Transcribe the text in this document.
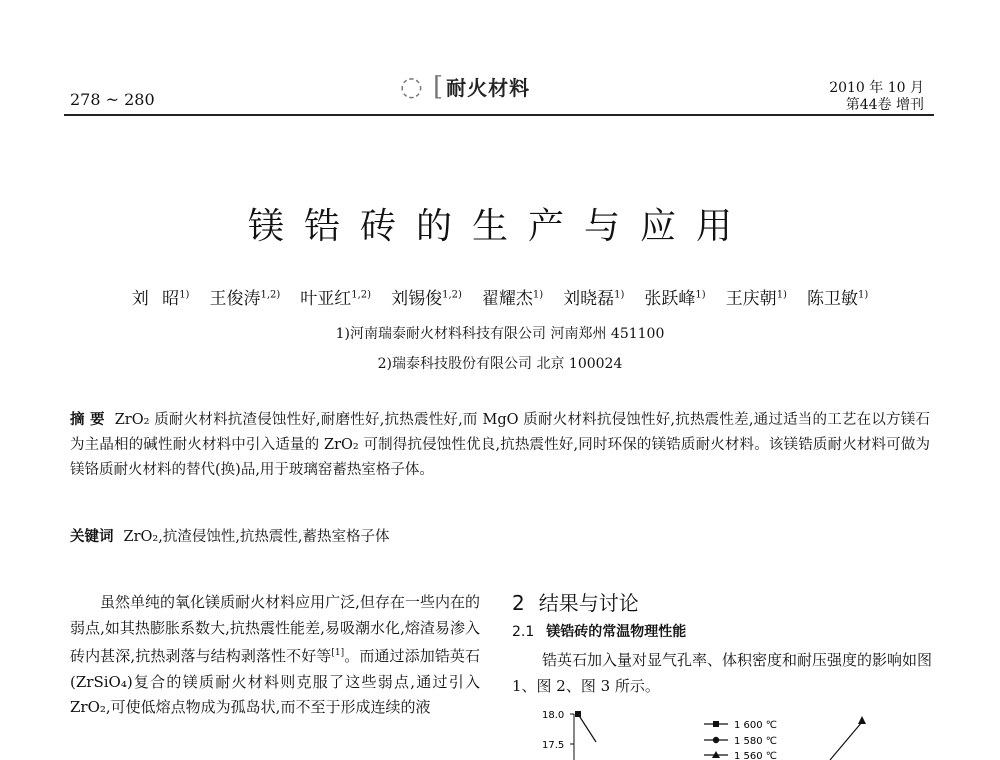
278 ~ 280	◌ [ 耐火材料	2010 年 10 月
第44卷 增刊
镁锆砖的生产与应用
刘 昭$^{1)}$ 王俊涛$^{1,2)}$ 叶亚红$^{1,2)}$ 刘锡俊$^{1,2)}$ 翟耀杰$^{1)}$ 刘晓磊$^{1)}$ 张跃峰$^{1)}$ 王庆朝$^{1)}$ 陈卫敏$^{1)}$
1)河南瑞泰耐火材料科技有限公司 河南郑州 451100
2)瑞泰科技股份有限公司 北京 100024
摘 要 ZrO₂ 质耐火材料抗渣侵蚀性好,耐磨性好,抗热震性好,而 MgO 质耐火材料抗侵蚀性好,抗热震性差,通过适当的工艺在以方镁石为主晶相的碱性耐火材料中引入适量的 ZrO₂ 可制得抗侵蚀性优良,抗热震性好,同时环保的镁锆质耐火材料。该镁锆质耐火材料可做为镁铬质耐火材料的替代(换)品,用于玻璃窑蓄热室格子体。
关键词 ZrO₂,抗渣侵蚀性,抗热震性,蓄热室格子体

虽然单纯的氧化镁质耐火材料应用广泛,但存在一些内在的弱点,如其热膨胀系数大,抗热震性能差,易吸潮水化,熔渣易渗入砖内甚深,抗热剥落与结构剥落性不好等[1]。而通过添加锆英石(ZrSiO₄)复合的镁质耐火材料则克服了这些弱点,通过引入 ZrO₂,可使低熔点物成为孤岛状,而不至于形成连续的液

2 结果与讨论
2.1 镁锆砖的常温物理性能

锆英石加入量对显气孔率、体积密度和耐压强度的影响如图 1、图 2、图 3 所示。

18.0
17.5
1 600 ℃
1 580 ℃
1 560 ℃
